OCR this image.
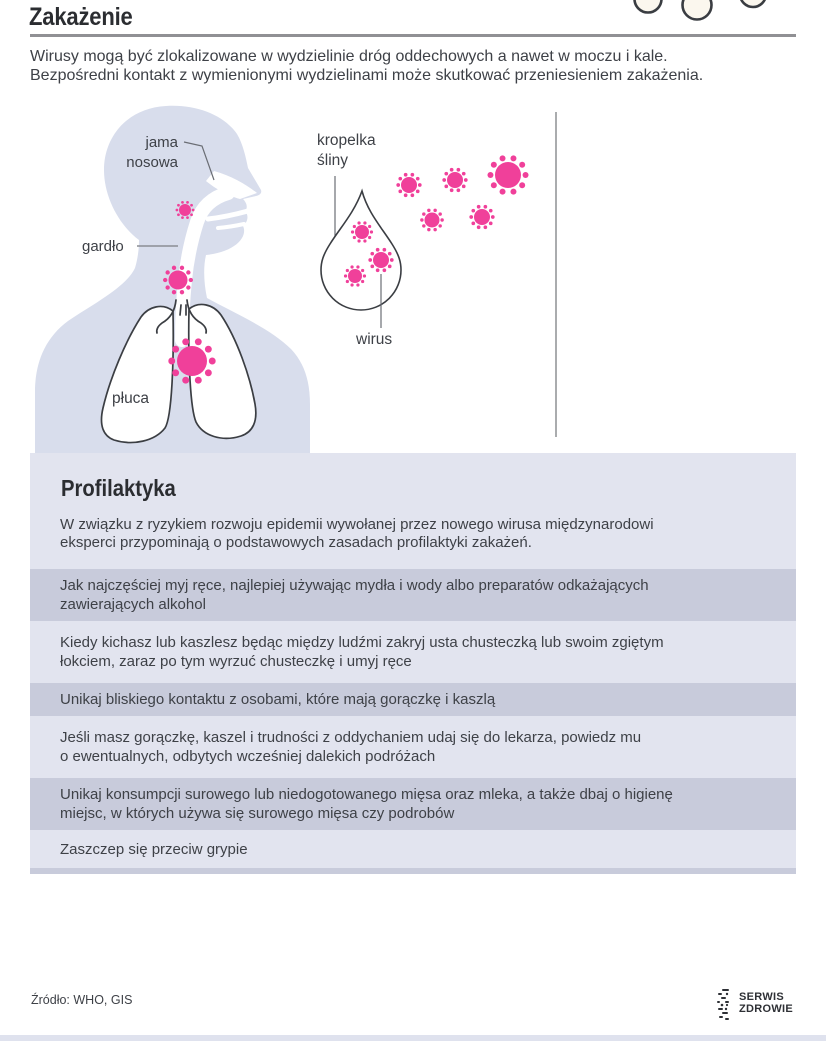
Zakażenie
Wirusy mogą być zlokalizowane w wydzielinie dróg oddechowych a nawet w moczu i kale.
Bezpośredni kontakt z wymienionymi wydzielinami może skutkować przeniesieniem zakażenia.
jama
nosowa
gardło
płuca
kropelka
śliny
wirus
Profilaktyka
W związku z ryzykiem rozwoju epidemii wywołanej przez nowego wirusa międzynarodowi
eksperci przypominają o podstawowych zasadach profilaktyki zakażeń.
Jak najczęściej myj ręce, najlepiej używając mydła i wody albo preparatów odkażających
zawierających alkohol
Kiedy kichasz lub kaszlesz będąc między ludźmi zakryj usta chusteczką lub swoim zgiętym
łokciem, zaraz po tym wyrzuć chusteczkę i umyj ręce
Unikaj bliskiego kontaktu z osobami, które mają gorączkę i kaszlą
Jeśli masz gorączkę, kaszel i trudności z oddychaniem udaj się do lekarza, powiedz mu
o ewentualnych, odbytych wcześniej dalekich podróżach
Unikaj konsumpcji surowego lub niedogotowanego mięsa oraz mleka, a także dbaj o higienę
miejsc, w których używa się surowego mięsa czy podrobów
Zaszczep się przeciw grypie
Źródło: WHO, GIS	SERWIS
ZDROWIE
